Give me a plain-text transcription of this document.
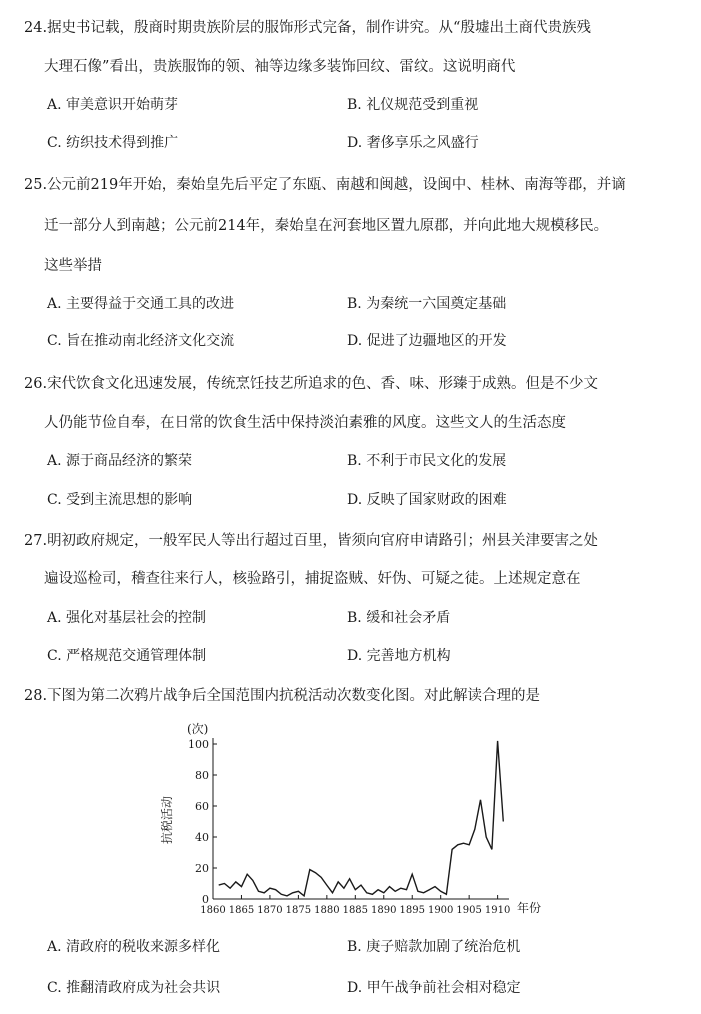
24.据史书记载，殷商时期贵族阶层的服饰形式完备，制作讲究。从“殷墟出土商代贵族残
大理石像”看出，贵族服饰的领、袖等边缘多装饰回纹、雷纹。这说明商代
A. 审美意识开始萌芽	B. 礼仪规范受到重视
C. 纺织技术得到推广	D. 奢侈享乐之风盛行
25.公元前219年开始，秦始皇先后平定了东瓯、南越和闽越，设闽中、桂林、南海等郡，并谪
迁一部分人到南越；公元前214年，秦始皇在河套地区置九原郡，并向此地大规模移民。
这些举措
A. 主要得益于交通工具的改进	B. 为秦统一六国奠定基础
C. 旨在推动南北经济文化交流	D. 促进了边疆地区的开发
26.宋代饮食文化迅速发展，传统烹饪技艺所追求的色、香、味、形臻于成熟。但是不少文
人仍能节俭自奉，在日常的饮食生活中保持淡泊素雅的风度。这些文人的生活态度
A. 源于商品经济的繁荣	B. 不利于市民文化的发展
C. 受到主流思想的影响	D. 反映了国家财政的困难
27.明初政府规定，一般军民人等出行超过百里，皆须向官府申请路引；州县关津要害之处
遍设巡检司，稽查往来行人，核验路引，捕捉盗贼、奸伪、可疑之徒。上述规定意在
A. 强化对基层社会的控制	B. 缓和社会矛盾
C. 严格规范交通管理体制	D. 完善地方机构
28.下图为第二次鸦片战争后全国范围内抗税活动次数变化图。对此解读合理的是
A. 清政府的税收来源多样化	B. 庚子赔款加剧了统治危机
C. 推翻清政府成为社会共识	D. 甲午战争前社会相对稳定
(次)
抗税活动
年份
0
20
40
60
80
100
1860 1865 1870 1875 1880 1885 1890 1895 1900 1905 1910
